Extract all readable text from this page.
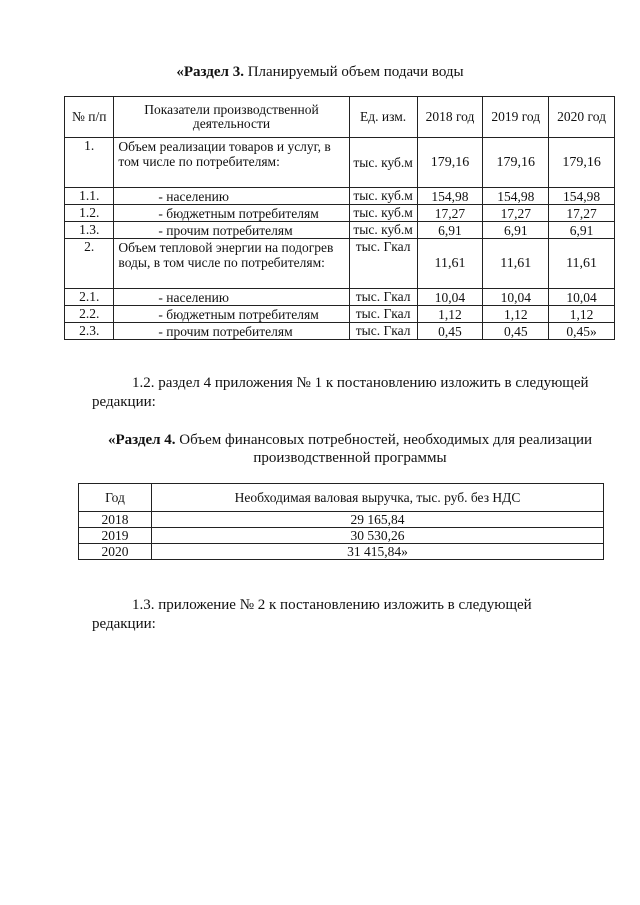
«Раздел 3. Планируемый объем подачи воды
№ п/п	Показатели производственной деятельности	Ед. изм.	2018 год	2019 год	2020 год
1.	Объем реализации товаров и услуг, в том числе по потребителям:	тыс. куб.м	179,16	179,16	179,16
1.1.	- населению	тыс. куб.м	154,98	154,98	154,98
1.2.	- бюджетным потребителям	тыс. куб.м	17,27	17,27	17,27
1.3.	- прочим потребителям	тыс. куб.м	6,91	6,91	6,91
2.	Объем тепловой энергии на подогрев воды, в том числе по потребителям:	тыс. Гкал	11,61	11,61	11,61
2.1.	- населению	тыс. Гкал	10,04	10,04	10,04
2.2.	- бюджетным потребителям	тыс. Гкал	1,12	1,12	1,12
2.3.	- прочим потребителям	тыс. Гкал	0,45	0,45	0,45»
1.2. раздел 4 приложения № 1 к постановлению изложить в следующей
редакции:
«Раздел 4. Объем финансовых потребностей, необходимых для реализации
производственной программы
Год	Необходимая валовая выручка, тыс. руб. без НДС
2018	29 165,84
2019	30 530,26
2020	31 415,84»
1.3. приложение № 2 к постановлению изложить в следующей
редакции:
